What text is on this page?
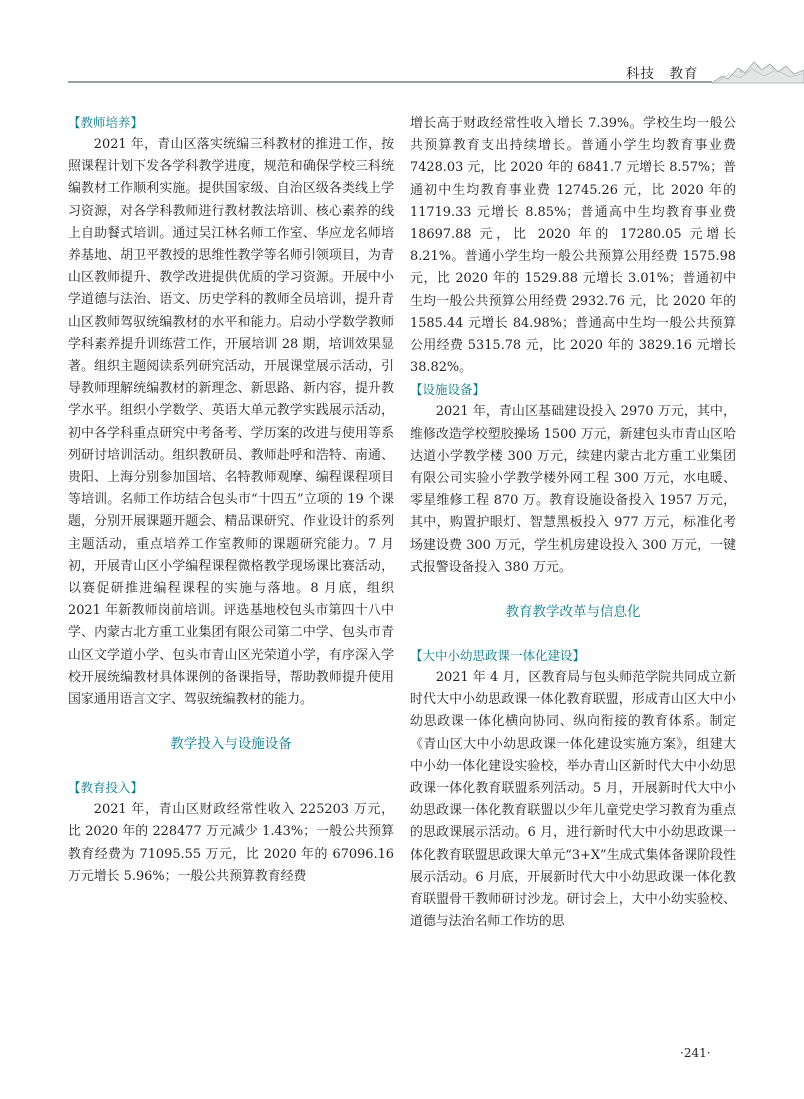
科技　教育
【教师培养】

2021 年，青山区落实统编三科教材的推进工作，按照课程计划下发各学科教学进度，规范和确保学校三科统编教材工作顺利实施。提供国家级、自治区级各类线上学习资源，对各学科教师进行教材教法培训、核心素养的线上自助餐式培训。通过吴江林名师工作室、华应龙名师培养基地、胡卫平教授的思维性教学等名师引领项目，为青山区教师提升、教学改进提供优质的学习资源。开展中小学道德与法治、语文、历史学科的教师全员培训，提升青山区教师驾驭统编教材的水平和能力。启动小学数学教师学科素养提升训练营工作，开展培训 28 期，培训效果显著。组织主题阅读系列研究活动，开展课堂展示活动，引导教师理解统编教材的新理念、新思路、新内容，提升教学水平。组织小学数学、英语大单元教学实践展示活动，初中各学科重点研究中考备考、学历案的改进与使用等系列研讨培训活动。组织教研员、教师赴呼和浩特、南通、贵阳、上海分别参加国培、名特教师观摩、编程课程项目等培训。名师工作坊结合包头市“十四五”立项的 19 个课题，分别开展课题开题会、精品课研究、作业设计的系列主题活动，重点培养工作室教师的课题研究能力。7 月初，开展青山区小学编程课程微格教学现场课比赛活动，以赛促研推进编程课程的实施与落地。8 月底，组织 2021 年新教师岗前培训。评选基地校包头市第四十八中学、内蒙古北方重工业集团有限公司第二中学、包头市青山区文学道小学、包头市青山区光荣道小学，有序深入学校开展统编教材具体课例的备课指导，帮助教师提升使用国家通用语言文字、驾驭统编教材的能力。

教学投入与设施设备
【教育投入】

2021 年，青山区财政经常性收入 225203 万元，比 2020 年的 228477 万元减少 1.43%；一般公共预算教育经费为 71095.55 万元，比 2020 年的 67096.16 万元增长 5.96%；一般公共预算教育经费

增长高于财政经常性收入增长 7.39%。学校生均一般公共预算教育支出持续增长。普通小学生均教育事业费 7428.03 元，比 2020 年的 6841.7 元增长 8.57%；普通初中生均教育事业费 12745.26 元，比 2020 年的 11719.33 元增长 8.85%；普通高中生均教育事业费 18697.88 元，比 2020 年的 17280.05 元增长 8.21%。普通小学生均一般公共预算公用经费 1575.98 元，比 2020 年的 1529.88 元增长 3.01%；普通初中生均一般公共预算公用经费 2932.76 元，比 2020 年的 1585.44 元增长 84.98%；普通高中生均一般公共预算公用经费 5315.78 元，比 2020 年的 3829.16 元增长 38.82%。

【设施设备】

2021 年，青山区基础建设投入 2970 万元，其中，维修改造学校塑胶操场 1500 万元，新建包头市青山区哈达道小学教学楼 300 万元，续建内蒙古北方重工业集团有限公司实验小学教学楼外网工程 300 万元，水电暖、零星维修工程 870 万。教育设施设备投入 1957 万元，其中，购置护眼灯、智慧黑板投入 977 万元，标准化考场建设费 300 万元，学生机房建设投入 300 万元，一键式报警设备投入 380 万元。

教育教学改革与信息化
【大中小幼思政课一体化建设】

2021 年 4 月，区教育局与包头师范学院共同成立新时代大中小幼思政课一体化教育联盟，形成青山区大中小幼思政课一体化横向协同、纵向衔接的教育体系。制定《青山区大中小幼思政课一体化建设实施方案》，组建大中小幼一体化建设实验校，举办青山区新时代大中小幼思政课一体化教育联盟系列活动。5 月，开展新时代大中小幼思政课一体化教育联盟以少年儿童党史学习教育为重点的思政课展示活动。6 月，进行新时代大中小幼思政课一体化教育联盟思政课大单元“3+X”生成式集体备课阶段性展示活动。6 月底，开展新时代大中小幼思政课一体化教育联盟骨干教师研讨沙龙。研讨会上，大中小幼实验校、道德与法治名师工作坊的思

·241·
